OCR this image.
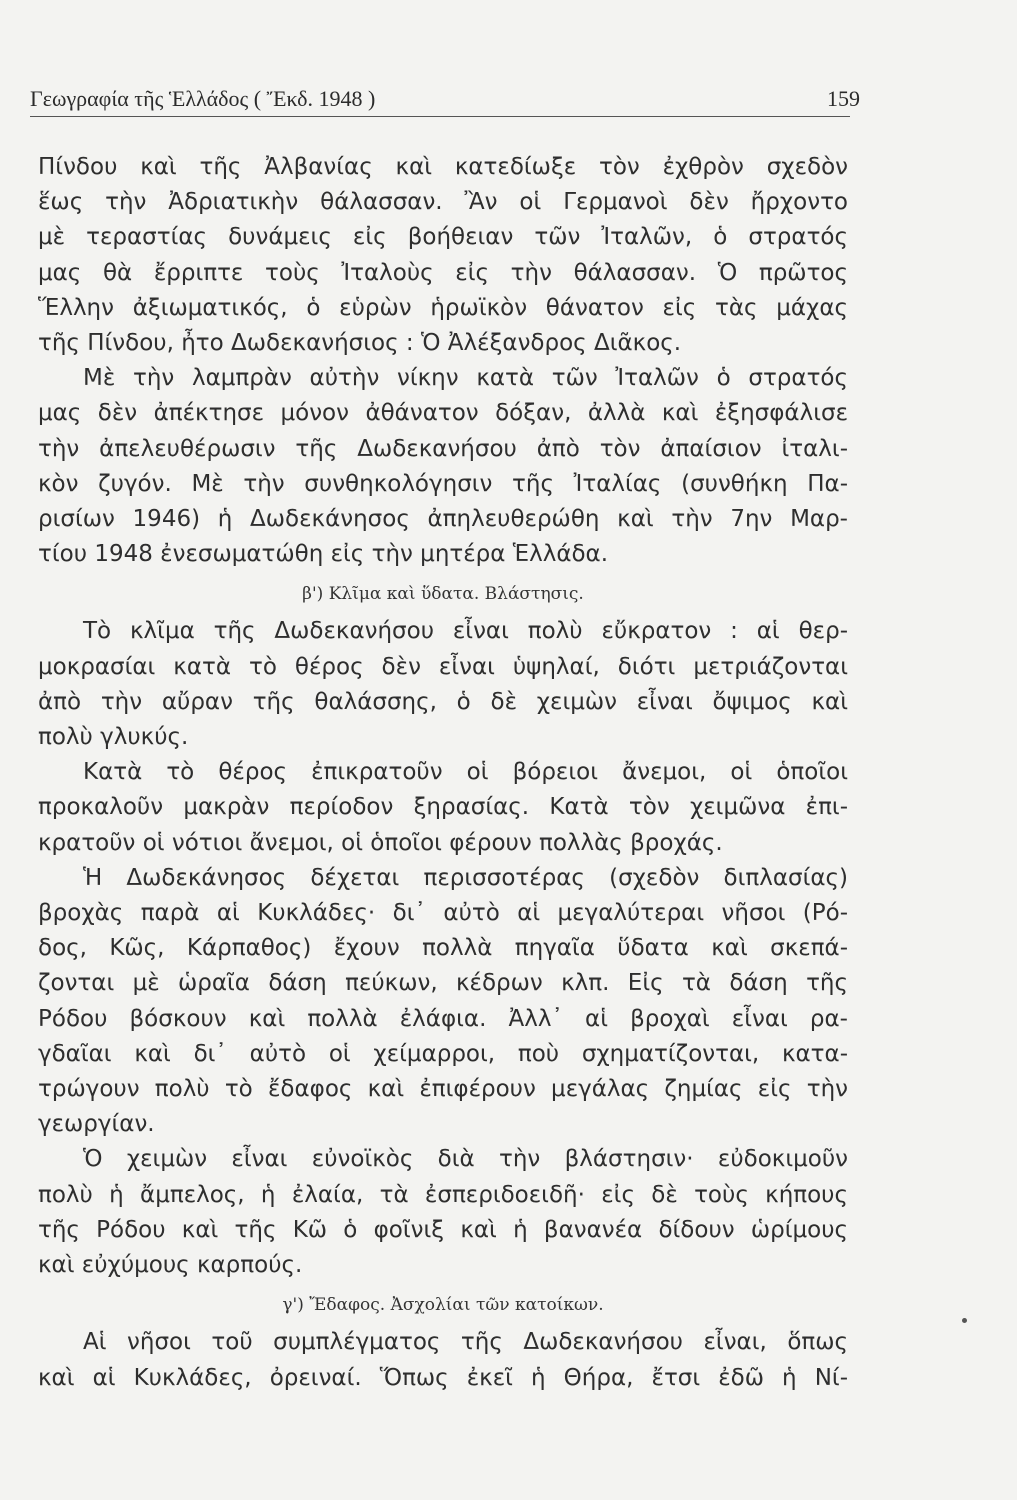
Γεωγραφία τῆς Ἑλλάδος ( Ἔκδ. 1948 )	159

Πίνδου καὶ τῆς Ἀλβανίας καὶ κατεδίωξε τὸν ἐχθρὸν σχεδὸν
ἕως τὴν Ἀδριατικὴν θάλασσαν. Ἂν οἱ Γερμανοὶ δὲν ἤρχοντο
μὲ τεραστίας δυνάμεις εἰς βοήθειαν τῶν Ἰταλῶν, ὁ στρατός
μας θὰ ἔρριπτε τοὺς Ἰταλοὺς εἰς τὴν θάλασσαν. Ὁ πρῶτος
Ἕλλην ἀξιωματικός, ὁ εὑρὼν ἡρωϊκὸν θάνατον εἰς τὰς μάχας
τῆς Πίνδου, ἦτο Δωδεκανήσιος : Ὁ Ἀλέξανδρος Διᾶκος.

Μὲ τὴν λαμπρὰν αὐτὴν νίκην κατὰ τῶν Ἰταλῶν ὁ στρατός
μας δὲν ἀπέκτησε μόνον ἀθάνατον δόξαν, ἀλλὰ καὶ ἐξησφάλισε
τὴν ἀπελευθέρωσιν τῆς Δωδεκανήσου ἀπὸ τὸν ἀπαίσιον ἰταλι-
κὸν ζυγόν. Μὲ τὴν συνθηκολόγησιν τῆς Ἰταλίας (συνθήκη Πα-
ρισίων 1946) ἡ Δωδεκάνησος ἀπηλευθερώθη καὶ τὴν 7ην Μαρ-
τίου 1948 ἐνεσωματώθη εἰς τὴν μητέρα Ἑλλάδα.

β') Κλῖμα καὶ ὕδατα. Βλάστησις.

Τὸ κλῖμα τῆς Δωδεκανήσου εἶναι πολὺ εὔκρατον : αἱ θερ-
μοκρασίαι κατὰ τὸ θέρος δὲν εἶναι ὑψηλαί, διότι μετριάζονται
ἀπὸ τὴν αὔραν τῆς θαλάσσης, ὁ δὲ χειμὼν εἶναι ὄψιμος καὶ
πολὺ γλυκύς.

Κατὰ τὸ θέρος ἐπικρατοῦν οἱ βόρειοι ἄνεμοι, οἱ ὁποῖοι
προκαλοῦν μακρὰν περίοδον ξηρασίας. Κατὰ τὸν χειμῶνα ἐπι-
κρατοῦν οἱ νότιοι ἄνεμοι, οἱ ὁποῖοι φέρουν πολλὰς βροχάς.

Ἡ Δωδεκάνησος δέχεται περισσοτέρας (σχεδὸν διπλασίας)
βροχὰς παρὰ αἱ Κυκλάδες· δι᾿ αὐτὸ αἱ μεγαλύτεραι νῆσοι (Ρό-
δος, Κῶς, Κάρπαθος) ἔχουν πολλὰ πηγαῖα ὕδατα καὶ σκεπά-
ζονται μὲ ὡραῖα δάση πεύκων, κέδρων κλπ. Εἰς τὰ δάση τῆς
Ρόδου βόσκουν καὶ πολλὰ ἐλάφια. Ἀλλ᾿ αἱ βροχαὶ εἶναι ρα-
γδαῖαι καὶ δι᾿ αὐτὸ οἱ χείμαρροι, ποὺ σχηματίζονται, κατα-
τρώγουν πολὺ τὸ ἔδαφος καὶ ἐπιφέρουν μεγάλας ζημίας εἰς τὴν
γεωργίαν.

Ὁ χειμὼν εἶναι εὐνοϊκὸς διὰ τὴν βλάστησιν· εὐδοκιμοῦν
πολὺ ἡ ἄμπελος, ἡ ἐλαία, τὰ ἐσπεριδοειδῆ· εἰς δὲ τοὺς κήπους
τῆς Ρόδου καὶ τῆς Κῶ ὁ φοῖνιξ καὶ ἡ βανανέα δίδουν ὡρίμους
καὶ εὐχύμους καρπούς.

γ') Ἔδαφος. Ἀσχολίαι τῶν κατοίκων.

Αἱ νῆσοι τοῦ συμπλέγματος τῆς Δωδεκανήσου εἶναι, ὅπως
καὶ αἱ Κυκλάδες, ὀρειναί. Ὅπως ἐκεῖ ἡ Θήρα, ἔτσι ἐδῶ ἡ Νί-
